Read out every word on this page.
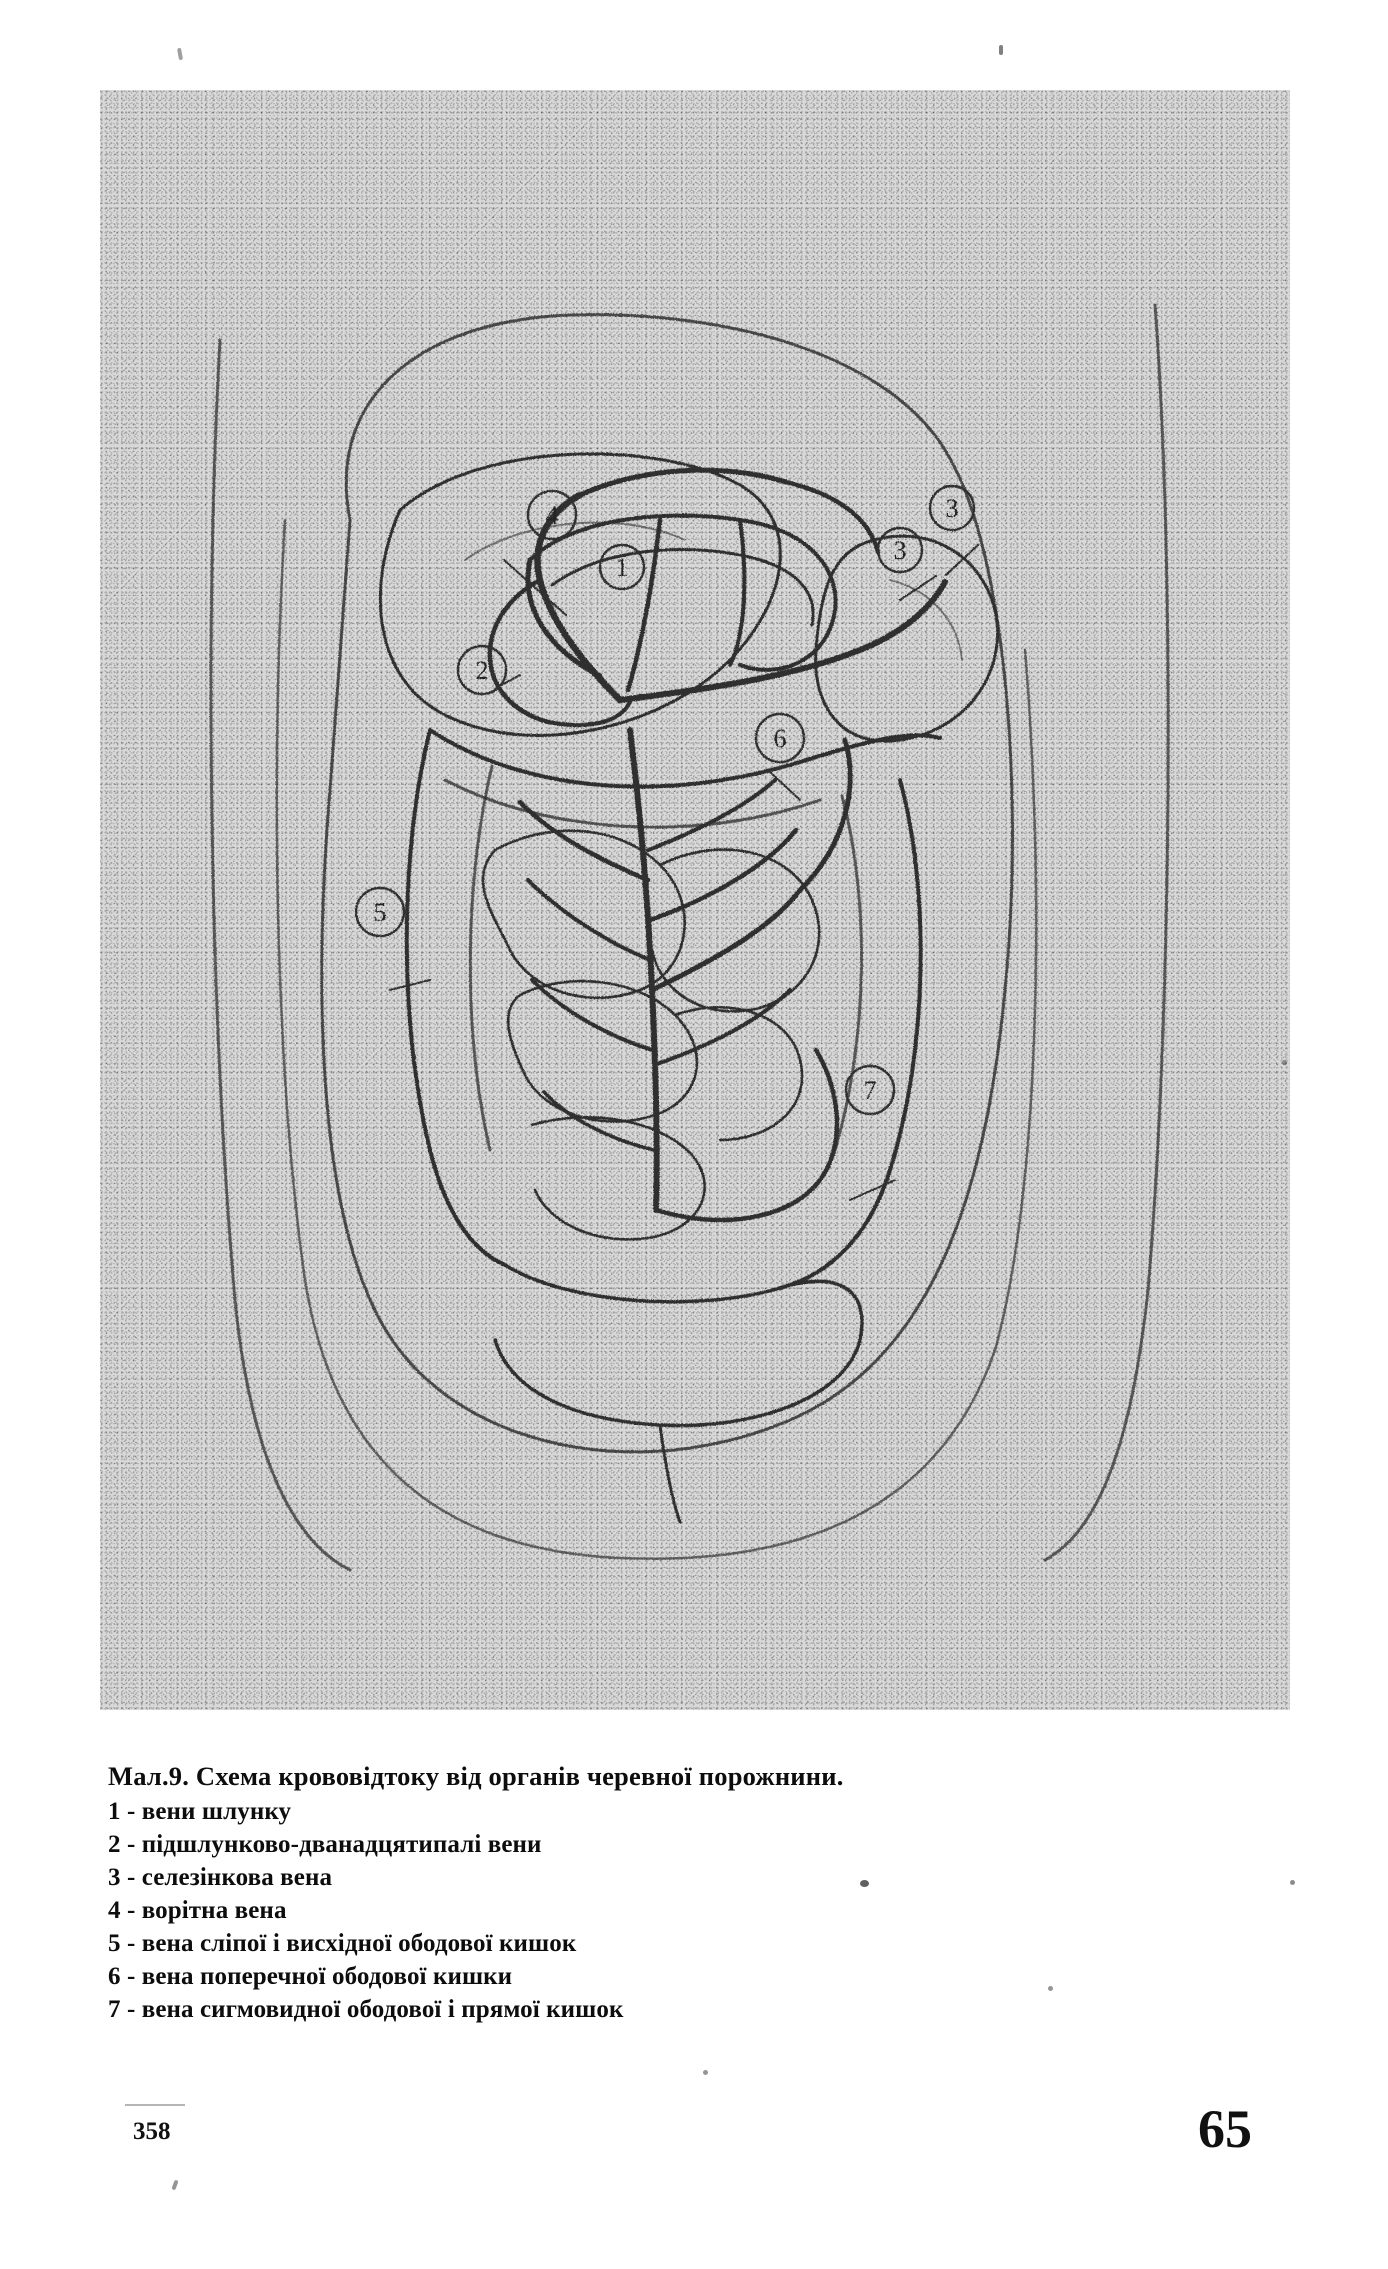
4
1
2
3
3
6
5
7
Мал.9. Схема крововідтоку від органів черевної порожнини.
1 - вени шлунку
2 - підшлунково-дванадцятипалі вени
3 - селезінкова вена
4 - ворітна вена
5 - вена сліпої і висхідної ободової кишок
6 - вена поперечної ободової кишки
7 - вена сигмовидної ободової і прямої кишок
358	65
